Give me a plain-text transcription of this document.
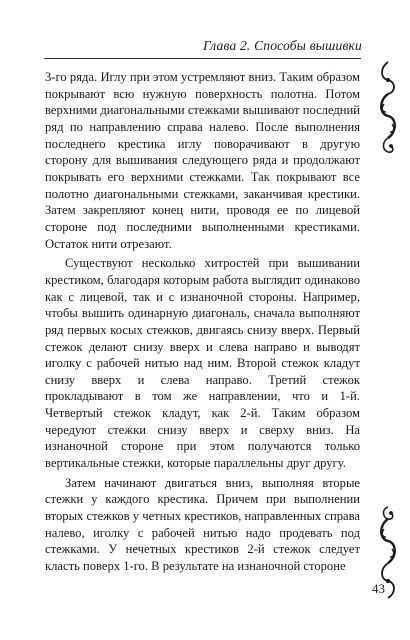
Глава 2. Способы вышивки

3-го ряда. Иглу при этом устремляют вниз. Таким образом покрывают всю нужную поверхность полотна. Потом верхними диагональными стежками вышивают последний ряд по направлению справа налево. После выполнения последнего крестика иглу поворачивают в другую сторону для вышивания следующего ряда и продолжают покрывать его верхними стежками. Так покрывают все полотно диагональными стежками, заканчивая крестики. Затем закрепляют конец нити, проводя ее по лицевой стороне под последними выполненными крестиками. Остаток нити отрезают.

Существуют несколько хитростей при вышивании крестиком, благодаря которым работа выглядит одинаково как с лицевой, так и с изнаночной стороны. Например, чтобы вышить одинарную диагональ, сначала выполняют ряд первых косых стежков, двигаясь снизу вверх. Первый стежок делают снизу вверх и слева направо и выводят иголку с рабочей нитью над ним. Второй стежок кладут снизу вверх и слева направо. Третий стежок прокладывают в том же направлении, что и 1-й. Четвертый стежок кладут, как 2-й. Таким образом чередуют стежки снизу вверх и сверху вниз. На изнаночной стороне при этом получаются только вертикальные стежки, которые параллельны друг другу.

Затем начинают двигаться вниз, выполняя вторые стежки у каждого крестика. Причем при выполнении вторых стежков у четных крестиков, направленных справа налево, иголку с рабочей нитью надо продевать под стежками. У нечетных крестиков 2-й стежок следует класть поверх 1-го. В результате на изнаночной стороне

43
